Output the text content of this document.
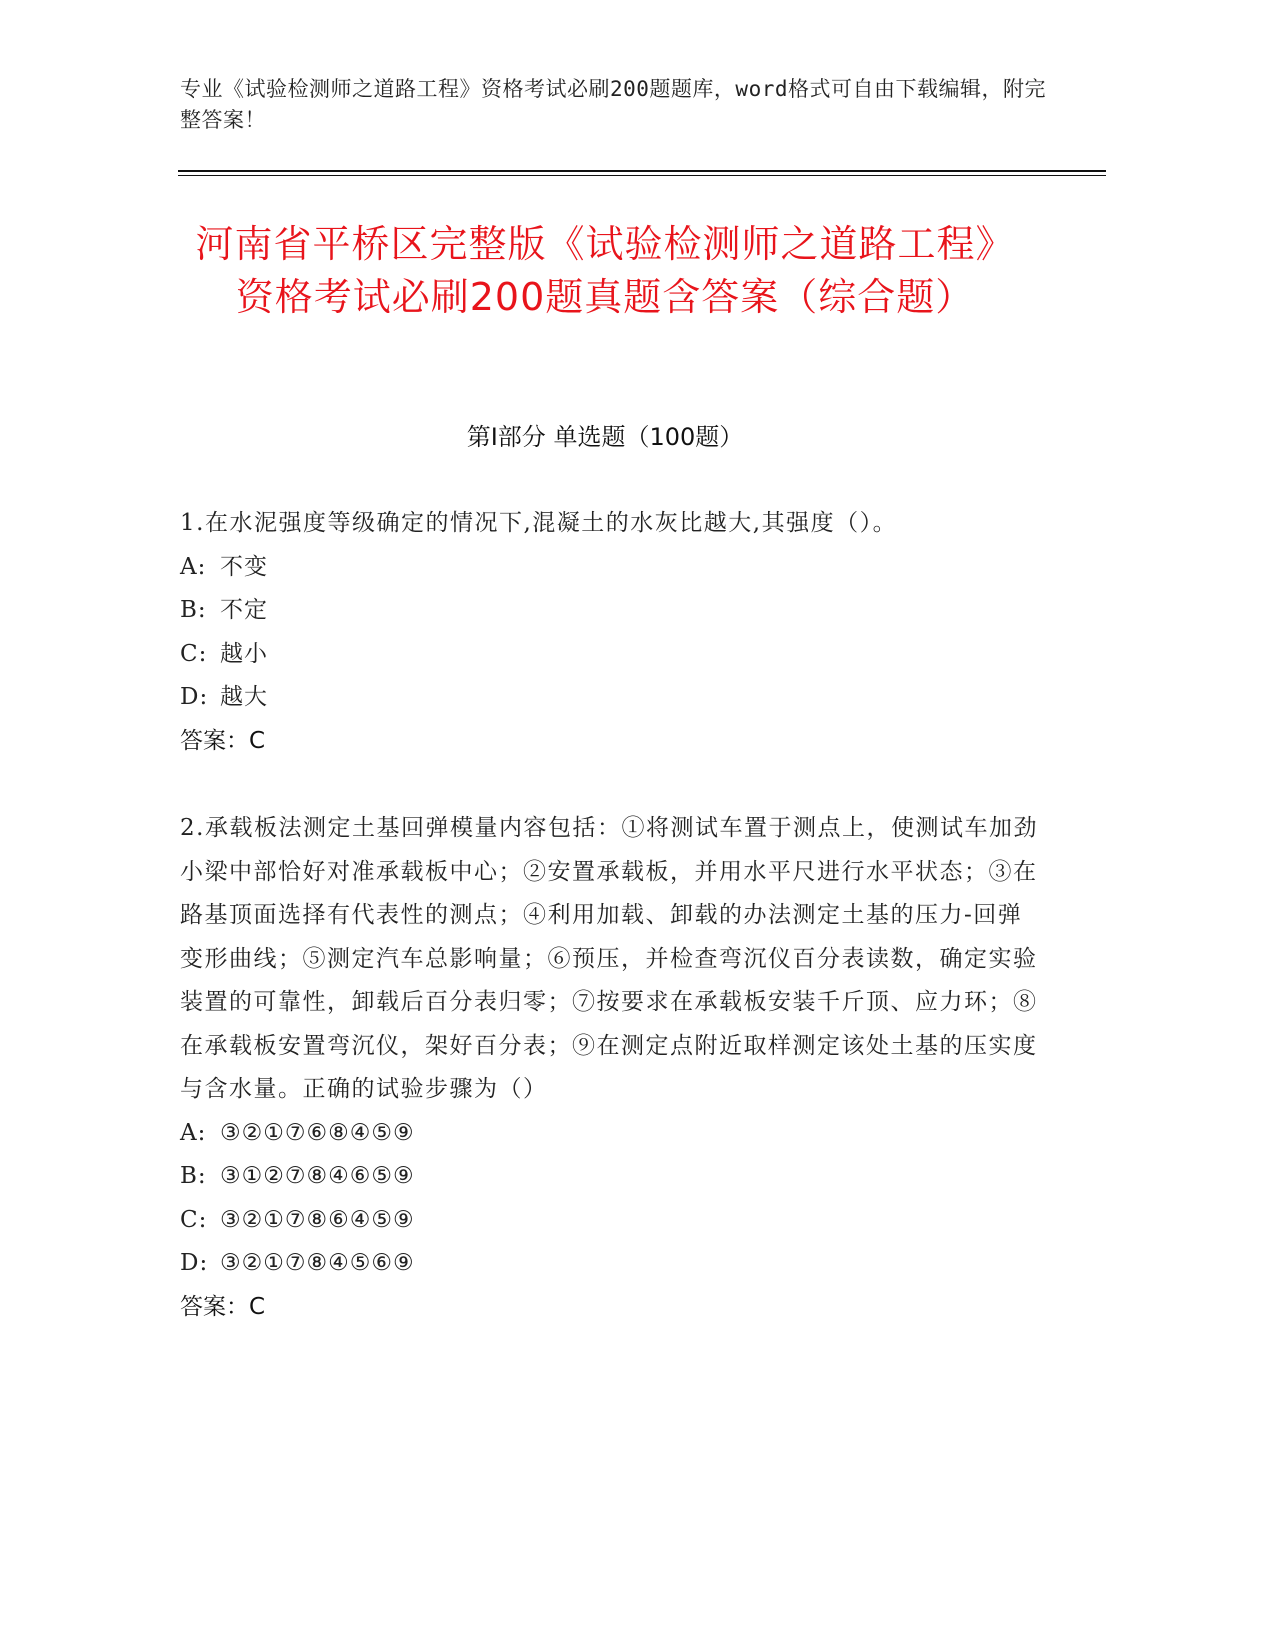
专业《试验检测师之道路工程》资格考试必刷200题题库，word格式可自由下载编辑，附完整答案！
河南省平桥区完整版《试验检测师之道路工程》资格考试必刷200题真题含答案（综合题）
第Ⅰ部分 单选题（100题）
1.在水泥强度等级确定的情况下,混凝土的水灰比越大,其强度（）。
A: 不变
B: 不定
C: 越小
D: 越大
答案：C
2.承载板法测定土基回弹模量内容包括：①将测试车置于测点上，使测试车加劲小梁中部恰好对准承载板中心；②安置承载板，并用水平尺进行水平状态；③在路基顶面选择有代表性的测点；④利用加载、卸载的办法测定土基的压力-回弹变形曲线；⑤测定汽车总影响量；⑥预压，并检查弯沉仪百分表读数，确定实验装置的可靠性，卸载后百分表归零；⑦按要求在承载板安装千斤顶、应力环；⑧在承载板安置弯沉仪，架好百分表；⑨在测定点附近取样测定该处土基的压实度与含水量。正确的试验步骤为（）
A: ③②①⑦⑥⑧④⑤⑨
B: ③①②⑦⑧④⑥⑤⑨
C: ③②①⑦⑧⑥④⑤⑨
D: ③②①⑦⑧④⑤⑥⑨
答案：C
